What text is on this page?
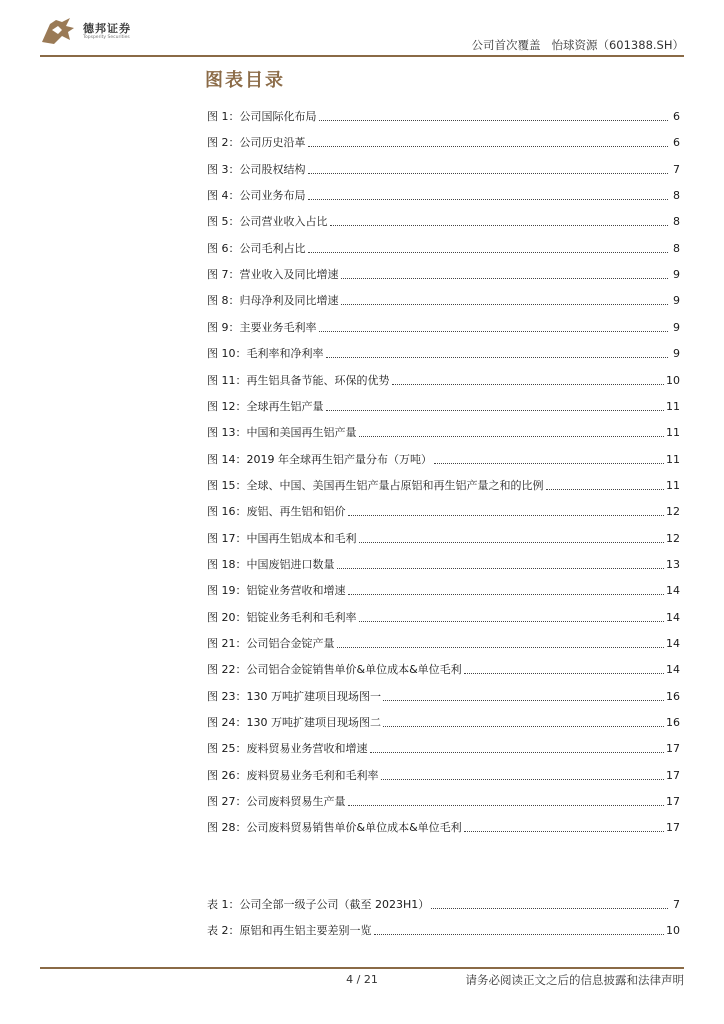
德邦证券
Topsperity Securities
公司首次覆盖 怡球资源（601388.SH）
图表目录
图 1：公司国际化布局	6
图 2：公司历史沿革	6
图 3：公司股权结构	7
图 4：公司业务布局	8
图 5：公司营业收入占比	8
图 6：公司毛利占比	8
图 7：营业收入及同比增速	9
图 8：归母净利及同比增速	9
图 9：主要业务毛利率	9
图 10：毛利率和净利率	9
图 11：再生铝具备节能、环保的优势	10
图 12：全球再生铝产量	11
图 13：中国和美国再生铝产量	11
图 14：2019 年全球再生铝产量分布（万吨）	11
图 15：全球、中国、美国再生铝产量占原铝和再生铝产量之和的比例	11
图 16：废铝、再生铝和铝价	12
图 17：中国再生铝成本和毛利	12
图 18：中国废铝进口数量	13
图 19：铝锭业务营收和增速	14
图 20：铝锭业务毛利和毛利率	14
图 21：公司铝合金锭产量	14
图 22：公司铝合金锭销售单价&单位成本&单位毛利	14
图 23：130 万吨扩建项目现场图一	16
图 24：130 万吨扩建项目现场图二	16
图 25：废料贸易业务营收和增速	17
图 26：废料贸易业务毛利和毛利率	17
图 27：公司废料贸易生产量	17
图 28：公司废料贸易销售单价&单位成本&单位毛利	17
表 1：公司全部一级子公司（截至 2023H1）	7
表 2：原铝和再生铝主要差别一览	10
4 / 21	请务必阅读正文之后的信息披露和法律声明
